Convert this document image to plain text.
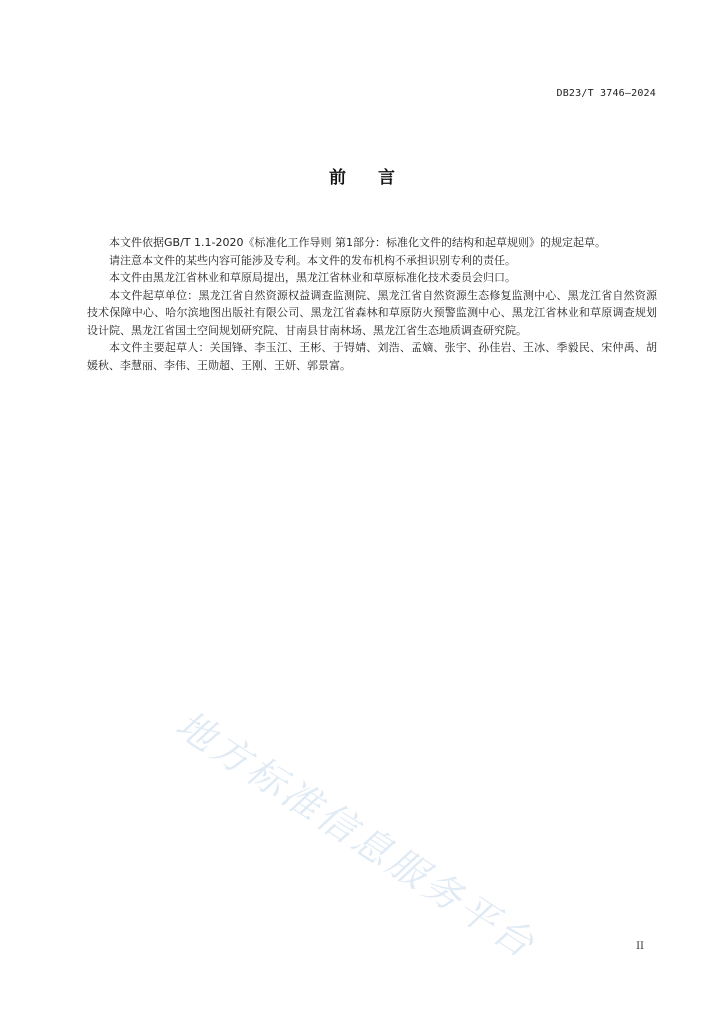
DB23/T 3746—2024
前言

本文件依据GB/T 1.1-2020《标准化工作导则 第1部分：标准化文件的结构和起草规则》的规定起草。

请注意本文件的某些内容可能涉及专利。本文件的发布机构不承担识别专利的责任。

本文件由黑龙江省林业和草原局提出，黑龙江省林业和草原标准化技术委员会归口。

本文件起草单位：黑龙江省自然资源权益调查监测院、黑龙江省自然资源生态修复监测中心、黑龙江省自然资源技术保障中心、哈尔滨地图出版社有限公司、黑龙江省森林和草原防火预警监测中心、黑龙江省林业和草原调查规划设计院、黑龙江省国土空间规划研究院、甘南县甘南林场、黑龙江省生态地质调查研究院。

本文件主要起草人：关国锋、李玉江、王彬、于锝婧、刘浩、孟嫡、张宇、孙佳岩、王冰、季毅民、宋仲禹、胡媛秋、李慧丽、李伟、王勋超、王刚、王妍、郭景富。

地方标准信息服务平台	II
